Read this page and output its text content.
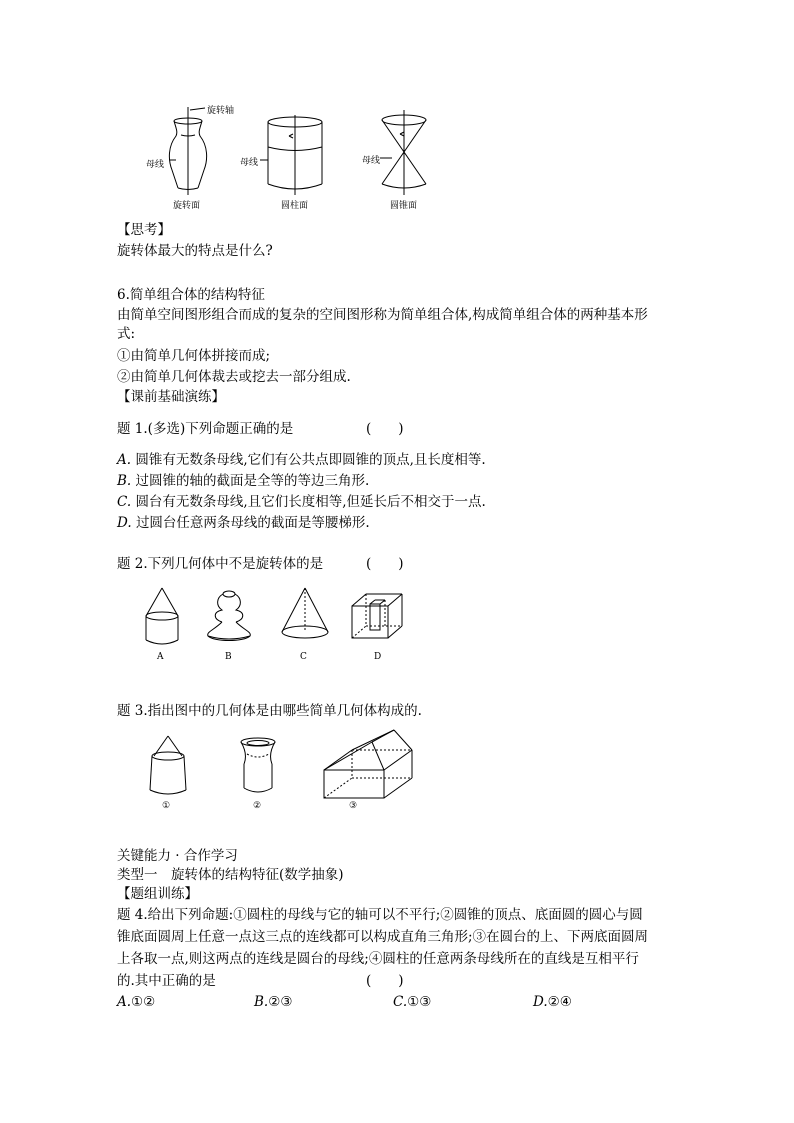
旋转轴
母线	母线	母线
旋转面	圆柱面	圆锥面
【思考】
旋转体最大的特点是什么?
6.简单组合体的结构特征
由简单空间图形组合而成的复杂的空间图形称为简单组合体,构成简单组合体的两种基本形
式:
①由简单几何体拼接而成;
②由简单几何体裁去或挖去一部分组成.
【课前基础演练】
题 1.(多选)下列命题正确的是	(　　)
A. 圆锥有无数条母线,它们有公共点即圆锥的顶点,且长度相等.
B. 过圆锥的轴的截面是全等的等边三角形.
C. 圆台有无数条母线,且它们长度相等,但延长后不相交于一点.
D. 过圆台任意两条母线的截面是等腰梯形.
题 2.下列几何体中不是旋转体的是	(　　)
A	B	C	D
题 3.指出图中的几何体是由哪些简单几何体构成的.
①	②	③
关键能力 · 合作学习
类型一　旋转体的结构特征(数学抽象)
【题组训练】
题 4.给出下列命题:①圆柱的母线与它的轴可以不平行;②圆锥的顶点、底面圆的圆心与圆
锥底面圆周上任意一点这三点的连线都可以构成直角三角形;③在圆台的上、下两底面圆周
上各取一点,则这两点的连线是圆台的母线;④圆柱的任意两条母线所在的直线是互相平行
的.其中正确的是	(　　)
A.①②	B.②③	C.①③	D.②④
